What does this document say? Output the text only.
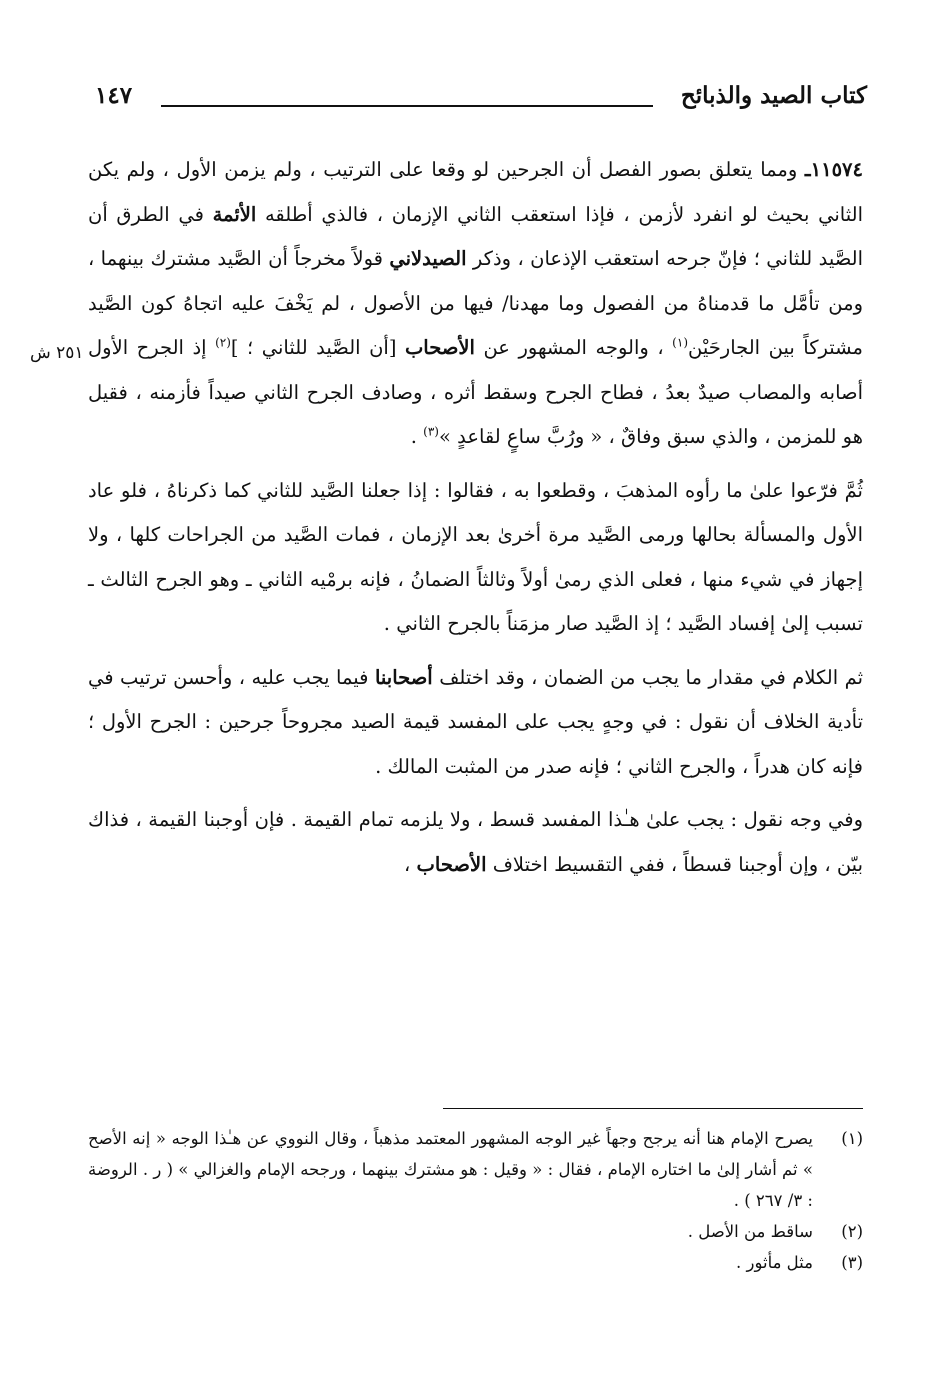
كتاب الصيد والذبائح
١٤٧
٢٥١ ش

١١٥٧٤ـ ومما يتعلق بصور الفصل أن الجرحين لو وقعا على الترتيب ، ولم يزمن الأول ، ولم يكن الثاني بحيث لو انفرد لأزمن ، فإذا استعقب الثاني الإزمان ، فالذي أطلقه الأئمة في الطرق أن الصَّيد للثاني ؛ فإنّ جرحه استعقب الإذعان ، وذكر الصيدلاني قولاً مخرجاً أن الصَّيد مشترك بينهما ، ومن تأمَّل ما قدمناهُ من الفصول وما مهدنا/ فيها من الأصول ، لم يَخْفَ عليه اتجاهُ كون الصَّيد مشتركاً بين الجارحَيْن$^{(١)}$ ، والوجه المشهور عن الأصحاب [أن الصَّيد للثاني ؛ ]$^{(٢)}$ إذ الجرح الأول أصابه والمصاب صيدٌ بعدُ ، فطاح الجرح وسقط أثره ، وصادف الجرح الثاني صيداً فأزمنه ، فقيل هو للمزمن ، والذي سبق وفاقٌ ، « ورُبَّ ساعٍ لقاعدٍ »$^{(٣)}$ .

ثُمَّ فرّعوا علىٰ ما رأوه المذهبَ ، وقطعوا به ، فقالوا : إذا جعلنا الصَّيد للثاني كما ذكرناهُ ، فلو عاد الأول والمسألة بحالها ورمى الصَّيد مرة أخرىٰ بعد الإزمان ، فمات الصَّيد من الجراحات كلها ، ولا إجهاز في شيء منها ، فعلى الذي رمىٰ أولاً وثالثاً الضمانُ ، فإنه برمْيه الثاني ـ وهو الجرح الثالث ـ تسبب إلىٰ إفساد الصَّيد ؛ إذ الصَّيد صار مزمَناً بالجرح الثاني .

ثم الكلام في مقدار ما يجب من الضمان ، وقد اختلف أصحابنا فيما يجب عليه ، وأحسن ترتيب في تأدية الخلاف أن نقول : في وجهٍ يجب على المفسد قيمة الصيد مجروحاً جرحين : الجرح الأول ؛ فإنه كان هدراً ، والجرح الثاني ؛ فإنه صدر من المثبت المالك .

وفي وجه نقول : يجب علىٰ هـٰذا المفسد قسط ، ولا يلزمه تمام القيمة . فإن أوجبنا القيمة ، فذاك بيّن ، وإن أوجبنا قسطاً ، ففي التقسيط اختلاف الأصحاب ،

(١)
يصرح الإمام هنا أنه يرجح وجهاً غير الوجه المشهور المعتمد مذهباً ، وقال النووي عن هـٰذا الوجه « إنه الأصح » ثم أشار إلىٰ ما اختاره الإمام ، فقال : « وقيل : هو مشترك بينهما ، ورجحه الإمام والغزالي » ( ر . الروضة : ٣/ ٢٦٧ ) .
(٢)
ساقط من الأصل .
(٣)
مثل مأثور .
